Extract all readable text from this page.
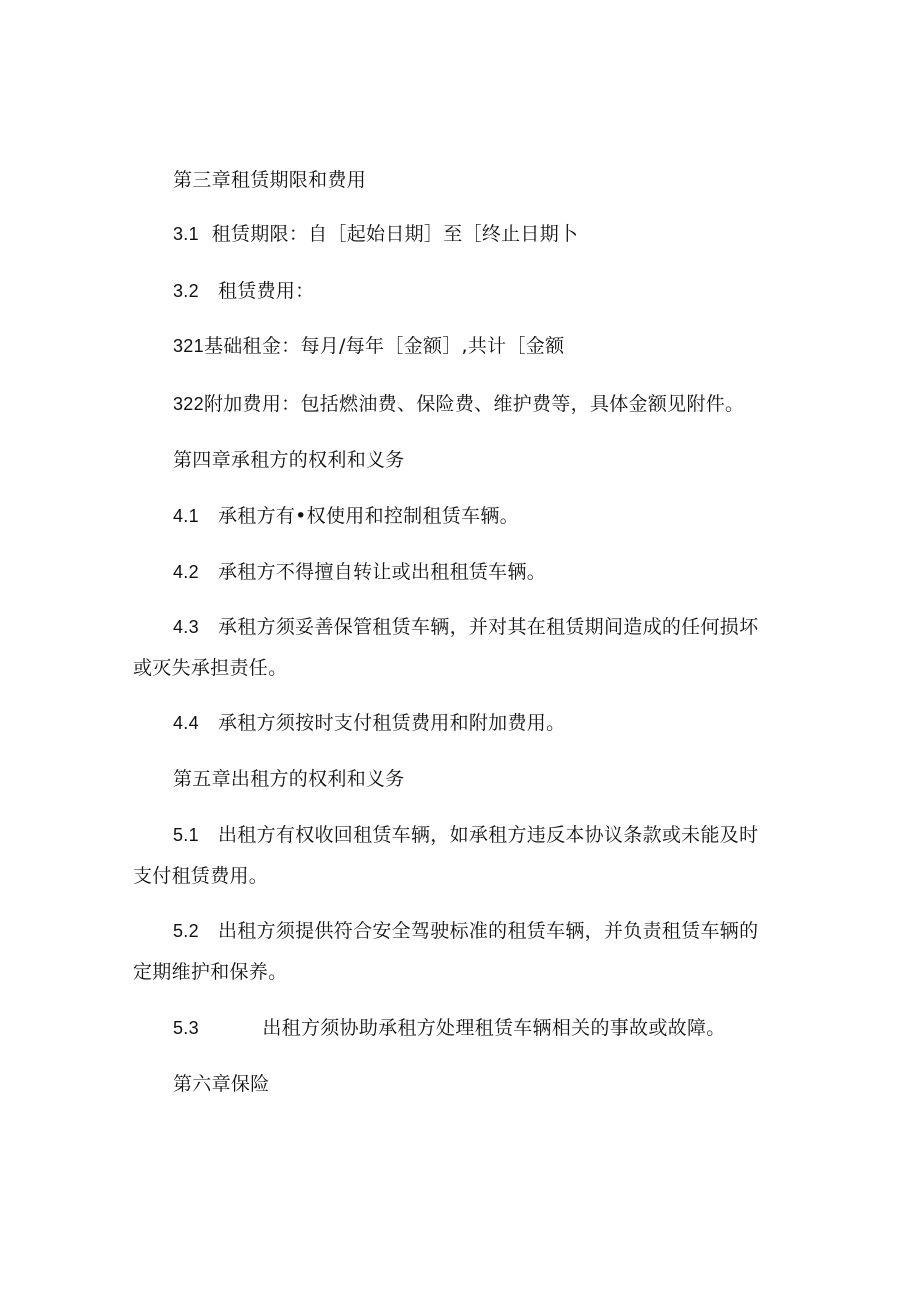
第三章租赁期限和费用

3.1 租赁期限：自［起始日期］至［终止日期卜

3.2 租赁费用：

321基础租金：每月/每年［金额］,共计［金额

322附加费用：包括燃油费、保险费、维护费等，具体金额见附件。

第四章承租方的权利和义务

4.1 承租方有•权使用和控制租赁车辆。

4.2 承租方不得擅自转让或出租租赁车辆。

4.3 承租方须妥善保管租赁车辆，并对其在租赁期间造成的任何损坏

或灭失承担责任。

4.4 承租方须按时支付租赁费用和附加费用。

第五章出租方的权利和义务

5.1 出租方有权收回租赁车辆，如承租方违反本协议条款或未能及时

支付租赁费用。

5.2 出租方须提供符合安全驾驶标准的租赁车辆，并负责租赁车辆的

定期维护和保养。

5.3	出租方须协助承租方处理租赁车辆相关的事故或故障。

第六章保险
